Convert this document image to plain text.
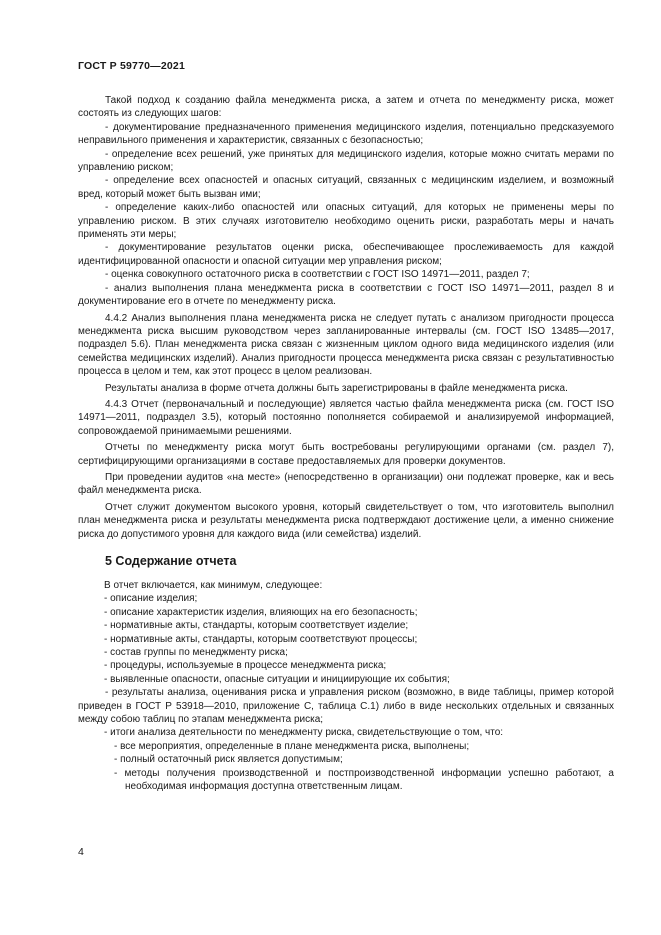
ГОСТ Р 59770—2021

Такой подход к созданию файла менеджмента риска, а затем и отчета по менеджменту риска, может состоять из следующих шагов:

- документирование предназначенного применения медицинского изделия, потенциально предсказуемого неправильного применения и характеристик, связанных с безопасностью;

- определение всех решений, уже принятых для медицинского изделия, которые можно считать мерами по управлению риском;

- определение всех опасностей и опасных ситуаций, связанных с медицинским изделием, и возможный вред, который может быть вызван ими;

- определение каких-либо опасностей или опасных ситуаций, для которых не применены меры по управлению риском. В этих случаях изготовителю необходимо оценить риски, разработать меры и начать применять эти меры;

- документирование результатов оценки риска, обеспечивающее прослеживаемость для каждой идентифицированной опасности и опасной ситуации мер управления риском;

- оценка совокупного остаточного риска в соответствии с ГОСТ ISO 14971—2011, раздел 7;

- анализ выполнения плана менеджмента риска в соответствии с ГОСТ ISO 14971—2011, раздел 8 и документирование его в отчете по менеджменту риска.

4.4.2 Анализ выполнения плана менеджмента риска не следует путать с анализом пригодности процесса менеджмента риска высшим руководством через запланированные интервалы (см. ГОСТ ISO 13485—2017, подраздел 5.6). План менеджмента риска связан с жизненным циклом одного вида медицинского изделия (или семейства медицинских изделий). Анализ пригодности процесса менеджмента риска связан с результативностью процесса в целом и тем, как этот процесс в целом реализован.

Результаты анализа в форме отчета должны быть зарегистрированы в файле менеджмента риска.

4.4.3 Отчет (первоначальный и последующие) является частью файла менеджмента риска (см. ГОСТ ISO 14971—2011, подраздел 3.5), который постоянно пополняется собираемой и анализируемой информацией, сопровождаемой принимаемыми решениями.

Отчеты по менеджменту риска могут быть востребованы регулирующими органами (см. раздел 7), сертифицирующими организациями в составе предоставляемых для проверки документов.

При проведении аудитов «на месте» (непосредственно в организации) они подлежат проверке, как и весь файл менеджмента риска.

Отчет служит документом высокого уровня, который свидетельствует о том, что изготовитель выполнил план менеджмента риска и результаты менеджмента риска подтверждают достижение цели, а именно снижение риска до допустимого уровня для каждого вида (или семейства) изделий.

5 Содержание отчета

В отчет включается, как минимум, следующее:

- описание изделия;

- описание характеристик изделия, влияющих на его безопасность;

- нормативные акты, стандарты, которым соответствует изделие;

- нормативные акты, стандарты, которым соответствуют процессы;

- состав группы по менеджменту риска;

- процедуры, используемые в процессе менеджмента риска;

- выявленные опасности, опасные ситуации и инициирующие их события;

- результаты анализа, оценивания риска и управления риском (возможно, в виде таблицы, пример которой приведен в ГОСТ Р 53918—2010, приложение С, таблица С.1) либо в виде нескольких отдельных и связанных между собою таблиц по этапам менеджмента риска;

- итоги анализа деятельности по менеджменту риска, свидетельствующие о том, что:

- все мероприятия, определенные в плане менеджмента риска, выполнены;

- полный остаточный риск является допустимым;

- методы получения производственной и постпроизводственной информации успешно работают, а необходимая информация доступна ответственным лицам.

4
